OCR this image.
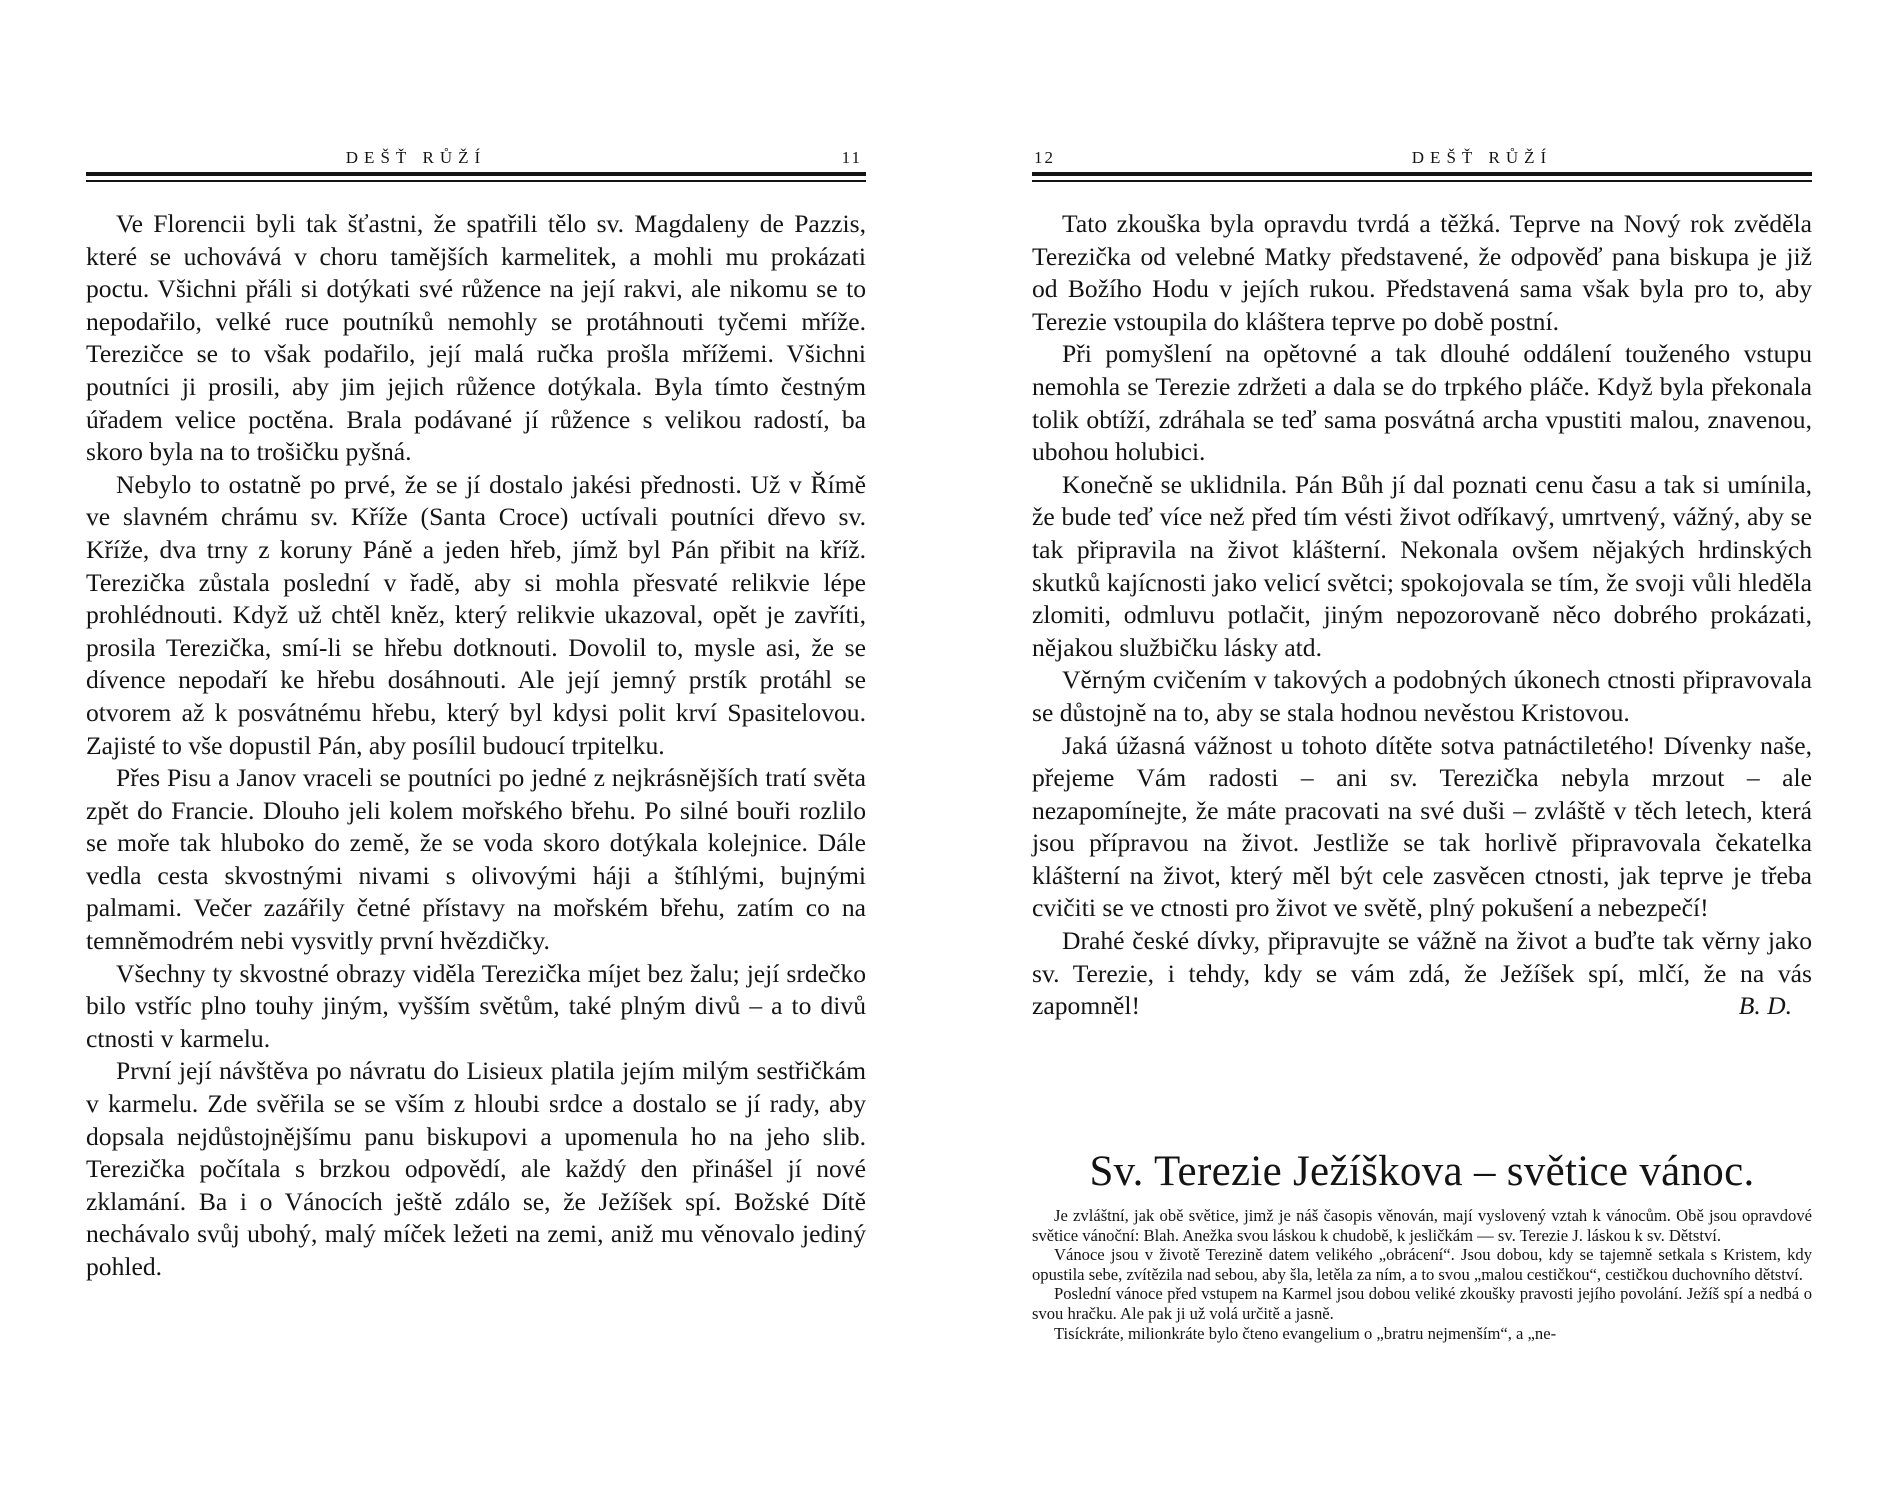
DEŠŤ RŮŽÍ	11

Ve Florencii byli tak šťastni, že spatřili tělo sv. Magdaleny de Pazzis, které se uchovává v choru tamějších karmelitek, a mohli mu prokázati poctu. Všichni přáli si dotýkati své růžence na její rakvi, ale nikomu se to nepodařilo, velké ruce poutníků nemohly se protáhnouti tyčemi mříže. Terezičce se to však podařilo, její malá ručka prošla mřížemi. Všichni poutníci ji prosili, aby jim jejich růžence dotýkala. Byla tímto čestným úřadem velice poctěna. Brala podávané jí růžence s velikou radostí, ba skoro byla na to trošičku pyšná.

Nebylo to ostatně po prvé, že se jí dostalo jakési přednosti. Už v Římě ve slavném chrámu sv. Kříže (Santa Croce) uctívali poutníci dřevo sv. Kříže, dva trny z koruny Páně a jeden hřeb, jímž byl Pán přibit na kříž. Terezička zůstala poslední v řadě, aby si mohla přesvaté relikvie lépe prohlédnouti. Když už chtěl kněz, který relikvie ukazoval, opět je zavříti, prosila Terezička, smí-li se hřebu dotknouti. Dovolil to, mysle asi, že se dívence nepodaří ke hřebu dosáhnouti. Ale její jemný prstík protáhl se otvorem až k posvátnému hřebu, který byl kdysi polit krví Spasitelovou. Zajisté to vše dopustil Pán, aby posílil budoucí trpitelku.

Přes Pisu a Janov vraceli se poutníci po jedné z nejkrásnějších tratí světa zpět do Francie. Dlouho jeli kolem mořského břehu. Po silné bouři rozlilo se moře tak hluboko do země, že se voda skoro dotýkala kolejnice. Dále vedla cesta skvostnými nivami s olivovými háji a štíhlými, bujnými palmami. Večer zazářily četné přístavy na mořském břehu, zatím co na temněmodrém nebi vysvitly první hvězdičky.

Všechny ty skvostné obrazy viděla Terezička míjet bez žalu; její srdečko bilo vstříc plno touhy jiným, vyšším světům, také plným divů – a to divů ctnosti v karmelu.

První její návštěva po návratu do Lisieux platila jejím milým sestřičkám v karmelu. Zde svěřila se se vším z hloubi srdce a dostalo se jí rady, aby dopsala nejdůstojnějšímu panu biskupovi a upomenula ho na jeho slib. Terezička počítala s brzkou odpovědí, ale každý den přinášel jí nové zklamání. Ba i o Vánocích ještě zdálo se, že Ježíšek spí. Božské Dítě nechávalo svůj ubohý, malý míček ležeti na zemi, aniž mu věnovalo jediný pohled.

12	DEŠŤ RŮŽÍ

Tato zkouška byla opravdu tvrdá a těžká. Teprve na Nový rok zvěděla Terezička od velebné Matky představené, že odpověď pana biskupa je již od Božího Hodu v jejích rukou. Představená sama však byla pro to, aby Terezie vstoupila do kláštera teprve po době postní.

Při pomyšlení na opětovné a tak dlouhé oddálení touženého vstupu nemohla se Terezie zdržeti a dala se do trpkého pláče. Když byla překonala tolik obtíží, zdráhala se teď sama posvátná archa vpustiti malou, znavenou, ubohou holubici.

Konečně se uklidnila. Pán Bůh jí dal poznati cenu času a tak si umínila, že bude teď více než před tím vésti život odříkavý, umrtvený, vážný, aby se tak připravila na život klášterní. Nekonala ovšem nějakých hrdinských skutků kajícnosti jako velicí světci; spokojovala se tím, že svoji vůli hleděla zlomiti, odmluvu potlačit, jiným nepozorovaně něco dobrého prokázati, nějakou službičku lásky atd.

Věrným cvičením v takových a podobných úkonech ctnosti připravovala se důstojně na to, aby se stala hodnou nevěstou Kristovou.

Jaká úžasná vážnost u tohoto dítěte sotva patnáctiletého! Dívenky naše, přejeme Vám radosti – ani sv. Terezička nebyla mrzout – ale nezapomínejte, že máte pracovati na své duši – zvláště v těch letech, která jsou přípravou na život. Jestliže se tak horlivě připravovala čekatelka klášterní na život, který měl být cele zasvěcen ctnosti, jak teprve je třeba cvičiti se ve ctnosti pro život ve světě, plný pokušení a nebezpečí!

Drahé české dívky, připravujte se vážně na život a buďte tak věrny jako sv. Terezie, i tehdy, kdy se vám zdá, že Ježíšek spí, mlčí, že na vás zapomněl!	B. D.

Sv. Terezie Ježíškova – světice vánoc.

Je zvláštní, jak obě světice, jimž je náš časopis věnován, mají vyslovený vztah k vánocům. Obě jsou opravdové světice vánoční: Blah. Anežka svou láskou k chudobě, k jesličkám — sv. Terezie J. láskou k sv. Dětství.

Vánoce jsou v životě Terezině datem velikého „obrácení“. Jsou dobou, kdy se tajemně setkala s Kristem, kdy opustila sebe, zvítězila nad sebou, aby šla, letěla za ním, a to svou „malou cestičkou“, cestičkou duchovního dětství.

Poslední vánoce před vstupem na Karmel jsou dobou veliké zkoušky pravosti jejího povolání. Ježíš spí a nedbá o svou hračku. Ale pak ji už volá určitě a jasně.

Tisíckráte, milionkráte bylo čteno evangelium o „bratru nejmenším“, a „ne-
